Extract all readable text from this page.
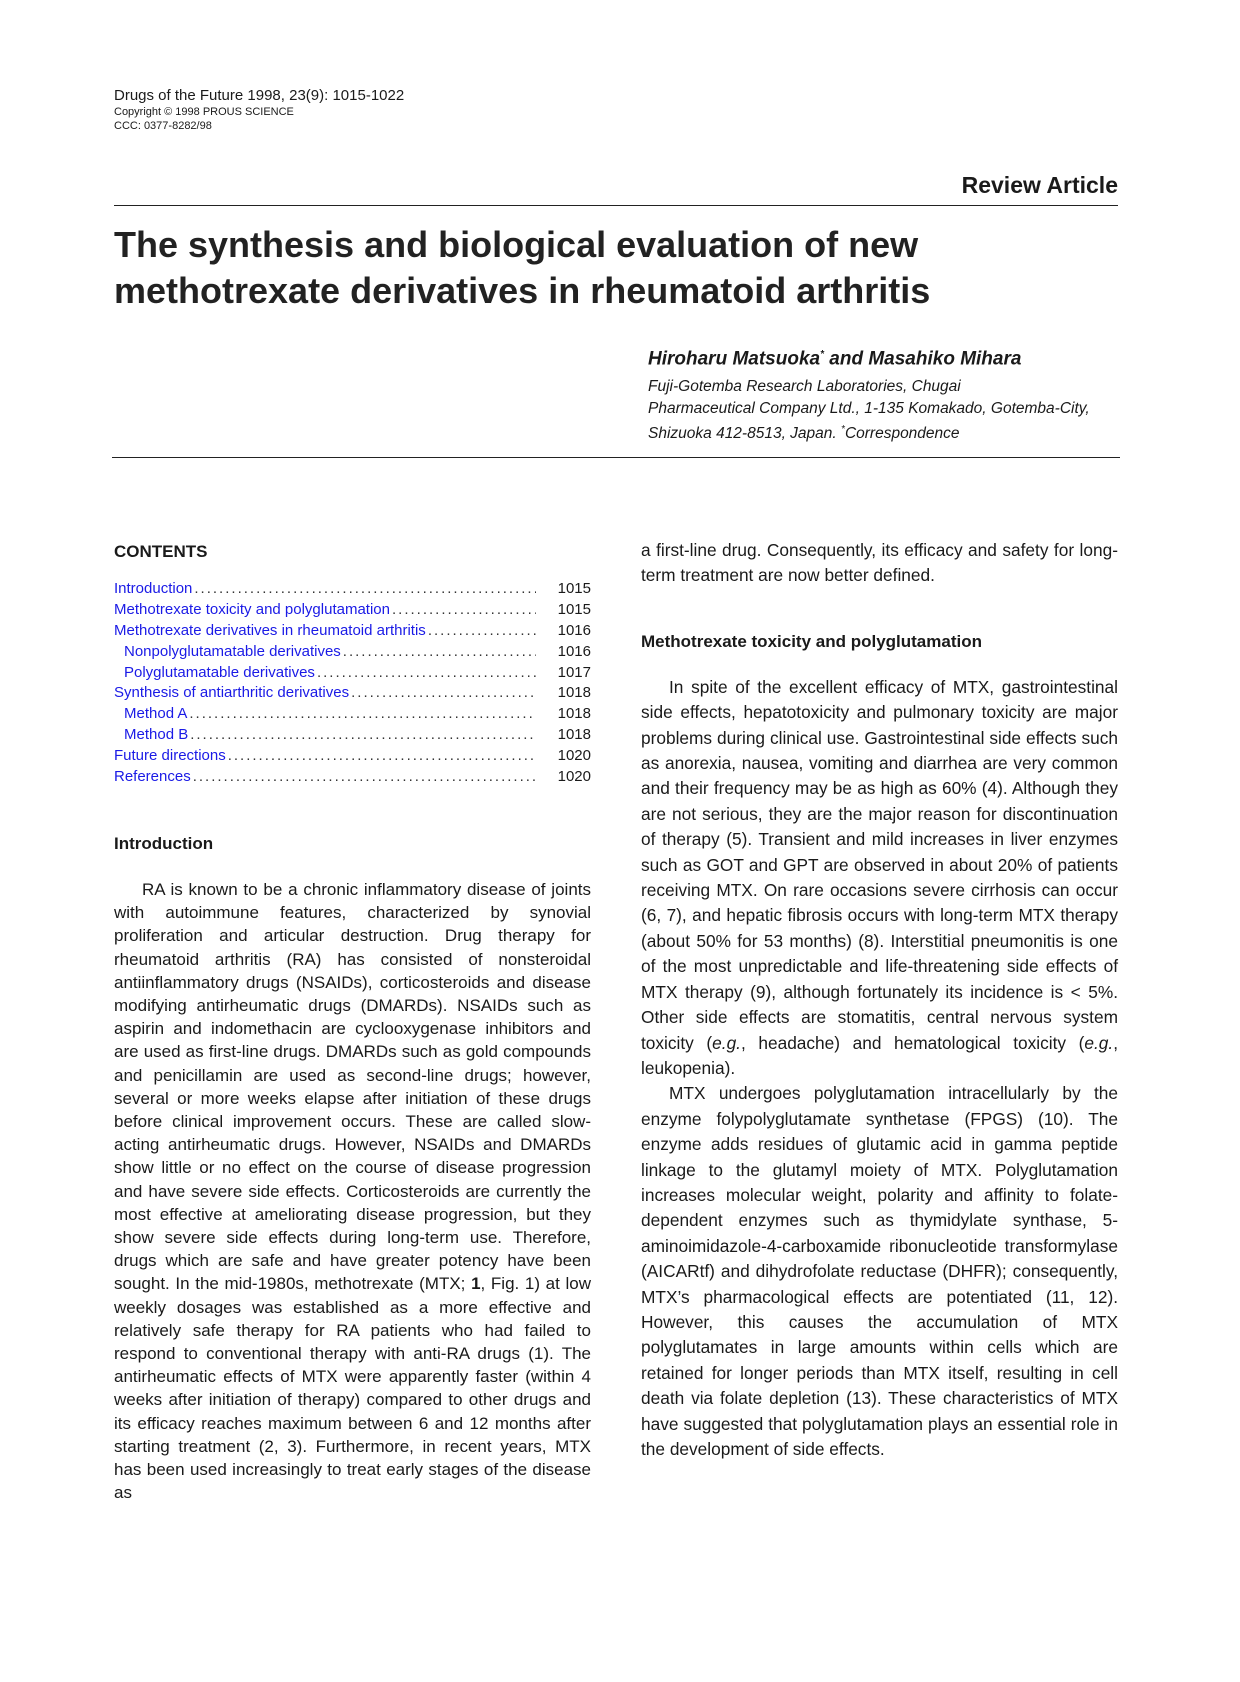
Drugs of the Future 1998, 23(9): 1015-1022
Copyright © 1998 PROUS SCIENCE
CCC: 0377-8282/98
Review Article
The synthesis and biological evaluation of new methotrexate derivatives in rheumatoid arthritis
Hiroharu Matsuoka* and Masahiko Mihara
Fuji-Gotemba Research Laboratories, Chugai
Pharmaceutical Company Ltd., 1-135 Komakado, Gotemba-City,
Shizuoka 412-8513, Japan. *Correspondence
CONTENTS
Introduction .....	1015
Methotrexate toxicity and polyglutamation .....	1015
Methotrexate derivatives in rheumatoid arthritis .....	1016
Nonpolyglutamatable derivatives .....	1016
Polyglutamatable derivatives .....	1017
Synthesis of antiarthritic derivatives .....	1018
Method A .....	1018
Method B .....	1018
Future directions .....	1020
References .....	1020
Introduction

RA is known to be a chronic inflammatory disease of joints with autoimmune features, characterized by synovial proliferation and articular destruction. Drug therapy for rheumatoid arthritis (RA) has consisted of nonsteroidal antiinflammatory drugs (NSAIDs), corticosteroids and disease modifying antirheumatic drugs (DMARDs). NSAIDs such as aspirin and indomethacin are cyclooxygenase inhibitors and are used as first-line drugs. DMARDs such as gold compounds and penicillamin are used as second-line drugs; however, several or more weeks elapse after initiation of these drugs before clinical improvement occurs. These are called slow-acting antirheumatic drugs. However, NSAIDs and DMARDs show little or no effect on the course of disease progression and have severe side effects. Corticosteroids are currently the most effective at ameliorating disease progression, but they show severe side effects during long-term use. Therefore, drugs which are safe and have greater potency have been sought. In the mid-1980s, methotrexate (MTX; 1, Fig. 1) at low weekly dosages was established as a more effective and relatively safe therapy for RA patients who had failed to respond to conventional therapy with anti-RA drugs (1). The antirheumatic effects of MTX were apparently faster (within 4 weeks after initiation of therapy) compared to other drugs and its efficacy reaches maximum between 6 and 12 months after starting treatment (2, 3). Furthermore, in recent years, MTX has been used increasingly to treat early stages of the disease as

a first-line drug. Consequently, its efficacy and safety for long-term treatment are now better defined.

Methotrexate toxicity and polyglutamation

In spite of the excellent efficacy of MTX, gastrointestinal side effects, hepatotoxicity and pulmonary toxicity are major problems during clinical use. Gastrointestinal side effects such as anorexia, nausea, vomiting and diarrhea are very common and their frequency may be as high as 60% (4). Although they are not serious, they are the major reason for discontinuation of therapy (5). Transient and mild increases in liver enzymes such as GOT and GPT are observed in about 20% of patients receiving MTX. On rare occasions severe cirrhosis can occur (6, 7), and hepatic fibrosis occurs with long-term MTX therapy (about 50% for 53 months) (8). Interstitial pneumonitis is one of the most unpredictable and life-threatening side effects of MTX therapy (9), although fortunately its incidence is < 5%. Other side effects are stomatitis, central nervous system toxicity (e.g., headache) and hematological toxicity (e.g., leukopenia).

MTX undergoes polyglutamation intracellularly by the enzyme folypolyglutamate synthetase (FPGS) (10). The enzyme adds residues of glutamic acid in gamma peptide linkage to the glutamyl moiety of MTX. Polyglutamation increases molecular weight, polarity and affinity to folate-dependent enzymes such as thymidylate synthase, 5-aminoimidazole-4-carboxamide ribonucleotide transformylase (AICARtf) and dihydrofolate reductase (DHFR); consequently, MTX’s pharmacological effects are potentiated (11, 12). However, this causes the accumulation of MTX polyglutamates in large amounts within cells which are retained for longer periods than MTX itself, resulting in cell death via folate depletion (13). These characteristics of MTX have suggested that polyglutamation plays an essential role in the development of side effects.
